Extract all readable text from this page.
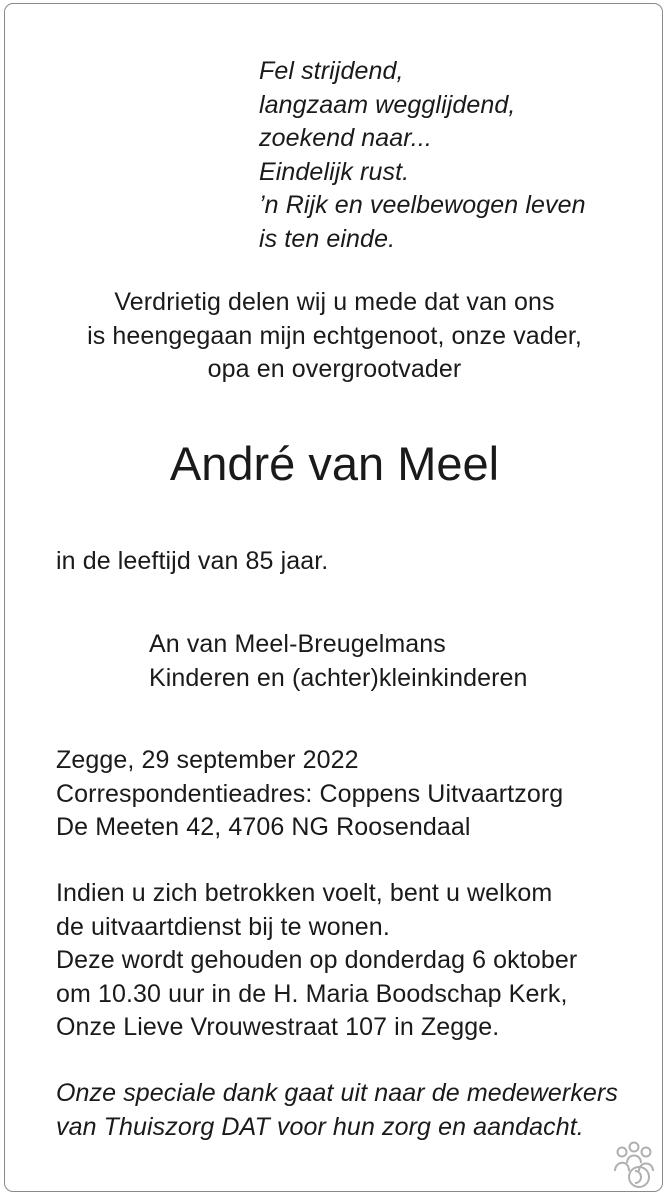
Fel strijdend,
langzaam wegglijdend,
zoekend naar...
Eindelijk rust.
’n Rijk en veelbewogen leven
is ten einde.
Verdrietig delen wij u mede dat van ons
is heengegaan mijn echtgenoot, onze vader,
opa en overgrootvader
André van Meel
in de leeftijd van 85 jaar.
An van Meel-Breugelmans
Kinderen en (achter)kleinkinderen
Zegge, 29 september 2022
Correspondentieadres: Coppens Uitvaartzorg
De Meeten 42, 4706 NG Roosendaal
Indien u zich betrokken voelt, bent u welkom
de uitvaartdienst bij te wonen.
Deze wordt gehouden op donderdag 6 oktober
om 10.30 uur in de H. Maria Boodschap Kerk,
Onze Lieve Vrouwestraat 107 in Zegge.
Onze speciale dank gaat uit naar de medewerkers
van Thuiszorg DAT voor hun zorg en aandacht.
